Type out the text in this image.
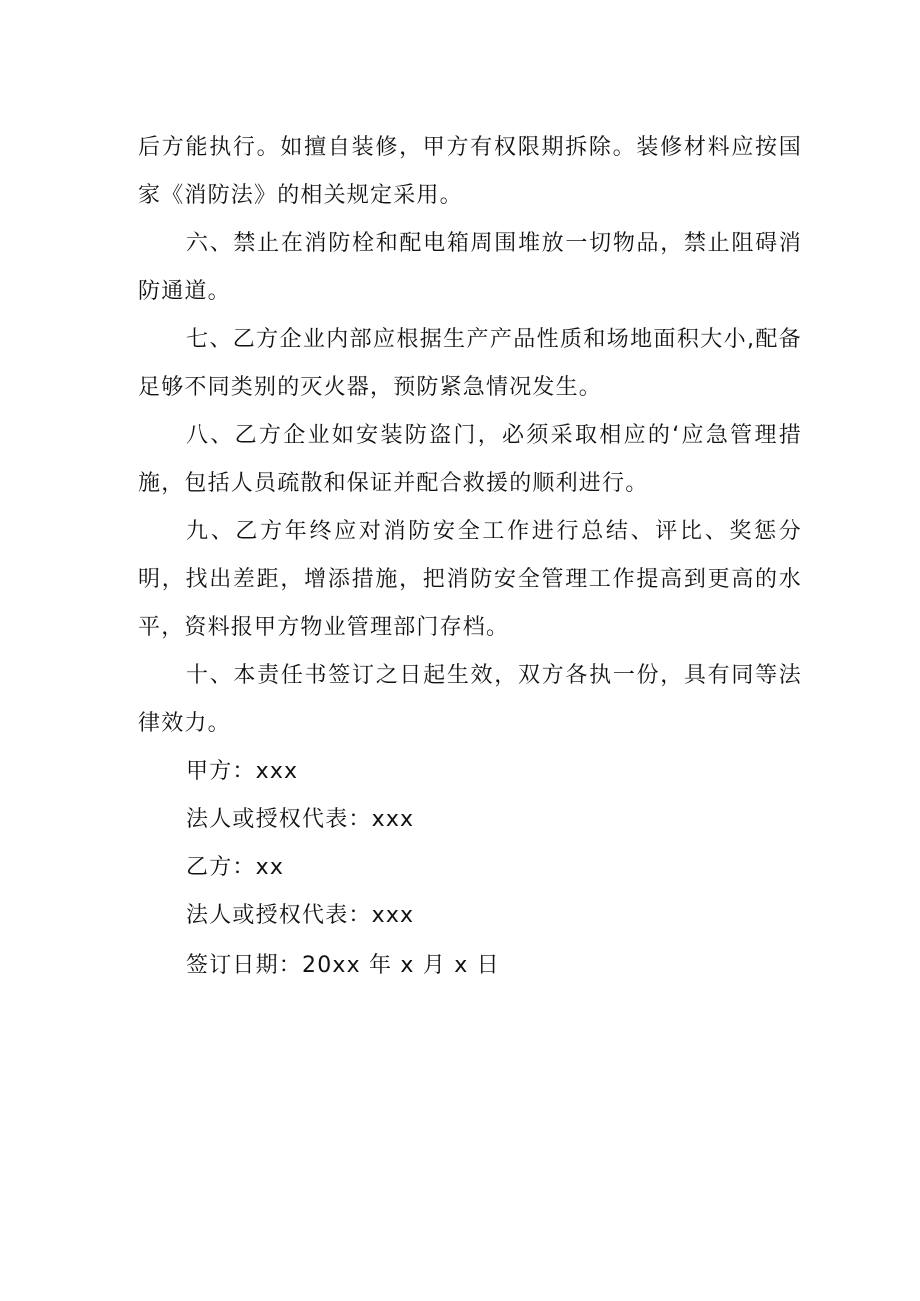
后方能执行。如擅自装修，甲方有权限期拆除。装修材料应按国家《消防法》的相关规定采用。

六、禁止在消防栓和配电箱周围堆放一切物品，禁止阻碍消防通道。

七、乙方企业内部应根据生产产品性质和场地面积大小,配备足够不同类别的灭火器，预防紧急情况发生。

八、乙方企业如安装防盗门，必须采取相应的‘应急管理措施，包括人员疏散和保证并配合救援的顺利进行。

九、乙方年终应对消防安全工作进行总结、评比、奖惩分明，找出差距，增添措施，把消防安全管理工作提高到更高的水平，资料报甲方物业管理部门存档。

十、本责任书签订之日起生效，双方各执一份，具有同等法律效力。

甲方：xxx

法人或授权代表：xxx

乙方：xx

法人或授权代表：xxx

签订日期：20xx 年 x 月 x 日
